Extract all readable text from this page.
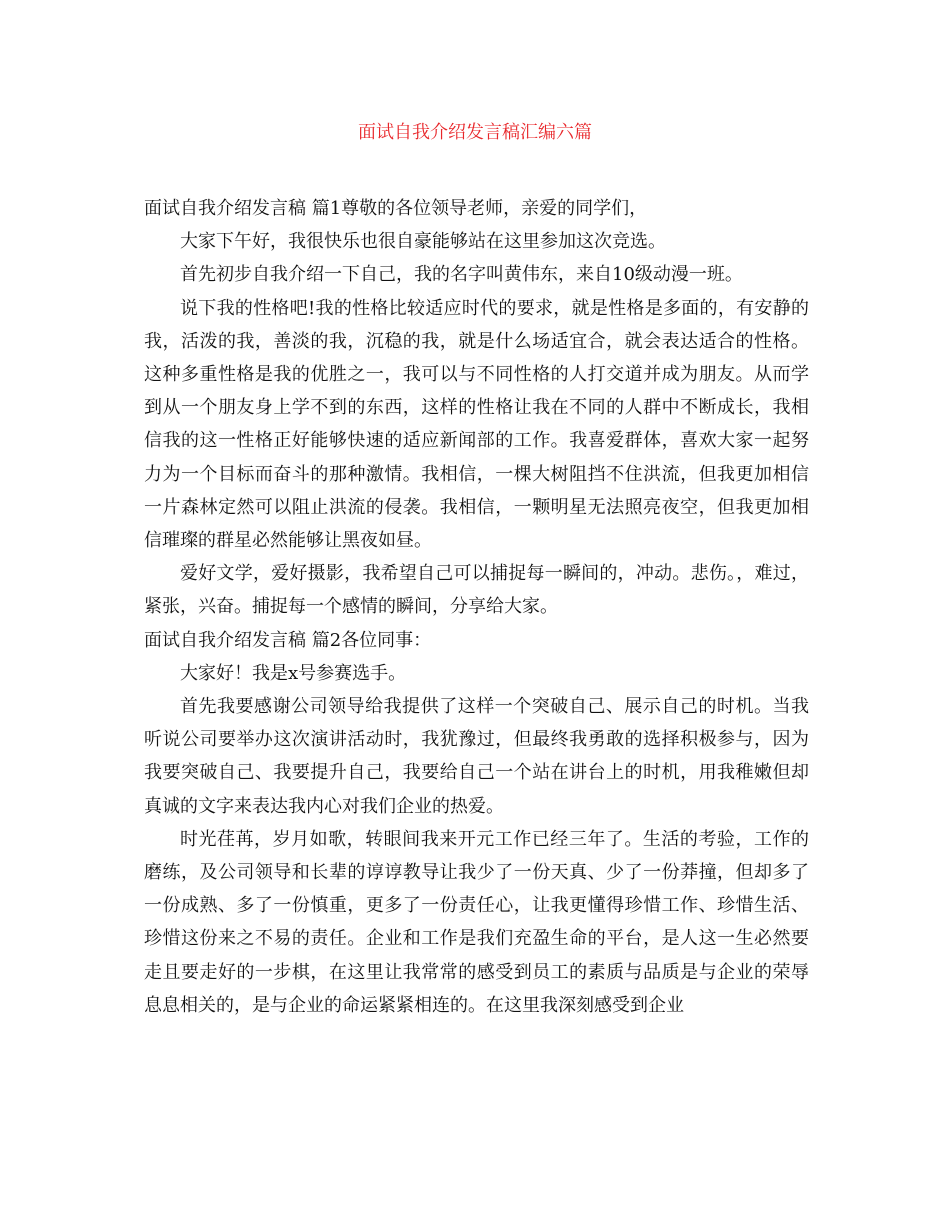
面试自我介绍发言稿汇编六篇

面试自我介绍发言稿 篇1尊敬的各位领导老师，亲爱的同学们，

大家下午好，我很快乐也很自豪能够站在这里参加这次竞选。

首先初步自我介绍一下自己，我的名字叫黄伟东，来自10级动漫一班。

说下我的性格吧!我的性格比较适应时代的要求，就是性格是多面的，有安静的我，活泼的我，善淡的我，沉稳的我，就是什么场适宜合，就会表达适合的性格。这种多重性格是我的优胜之一，我可以与不同性格的人打交道并成为朋友。从而学到从一个朋友身上学不到的东西，这样的性格让我在不同的人群中不断成长，我相信我的这一性格正好能够快速的适应新闻部的工作。我喜爱群体，喜欢大家一起努力为一个目标而奋斗的那种激情。我相信，一棵大树阻挡不住洪流，但我更加相信一片森林定然可以阻止洪流的侵袭。我相信，一颗明星无法照亮夜空，但我更加相信璀璨的群星必然能够让黑夜如昼。

爱好文学，爱好摄影，我希望自己可以捕捉每一瞬间的，冲动。悲伤。，难过，紧张，兴奋。捕捉每一个感情的瞬间，分享给大家。

面试自我介绍发言稿 篇2各位同事：

大家好！我是x号参赛选手。

首先我要感谢公司领导给我提供了这样一个突破自己、展示自己的时机。当我听说公司要举办这次演讲活动时，我犹豫过，但最终我勇敢的选择积极参与，因为我要突破自己、我要提升自己，我要给自己一个站在讲台上的时机，用我稚嫩但却真诚的文字来表达我内心对我们企业的热爱。

时光荏苒，岁月如歌，转眼间我来开元工作已经三年了。生活的考验，工作的磨练，及公司领导和长辈的谆谆教导让我少了一份天真、少了一份莽撞，但却多了一份成熟、多了一份慎重，更多了一份责任心，让我更懂得珍惜工作、珍惜生活、珍惜这份来之不易的责任。企业和工作是我们充盈生命的平台，是人这一生必然要走且要走好的一步棋，在这里让我常常的感受到员工的素质与品质是与企业的荣辱息息相关的，是与企业的命运紧紧相连的。在这里我深刻感受到企业
